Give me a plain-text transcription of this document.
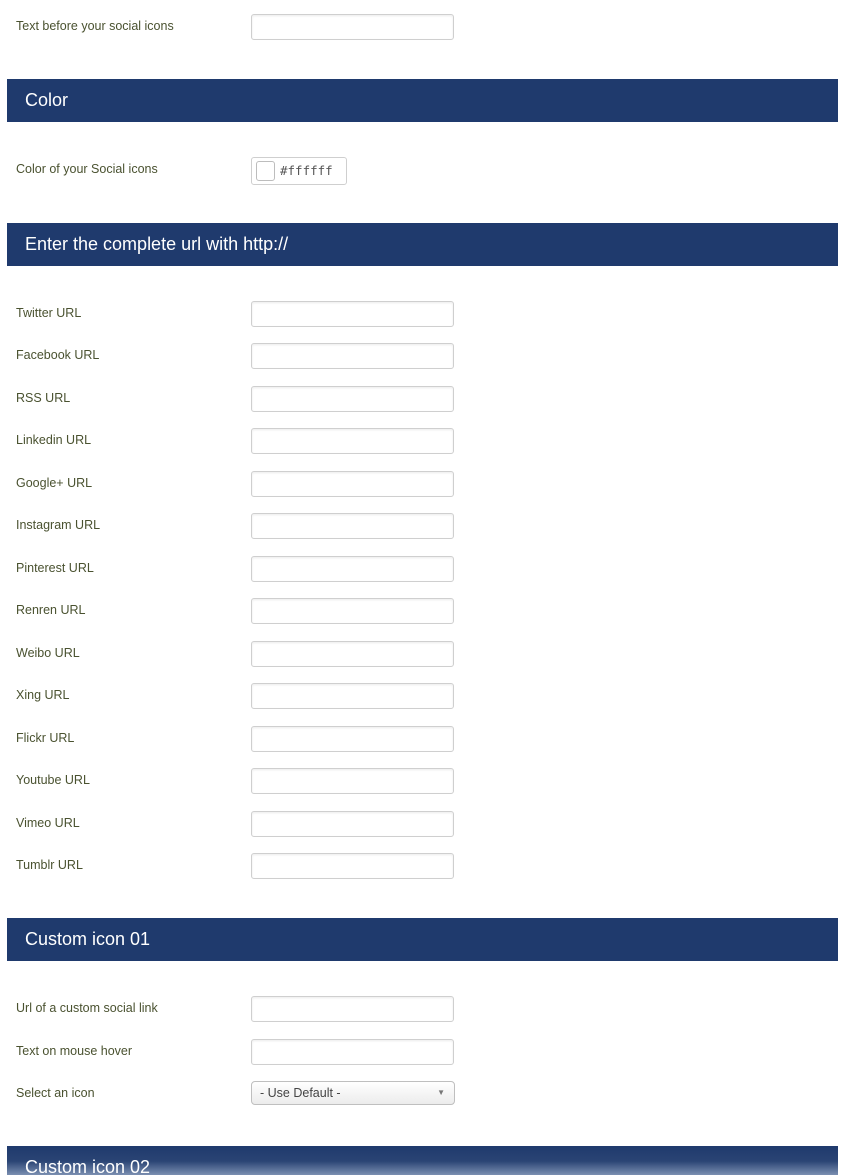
Text before your social icons
Color
Color of your Social icons	#ffffff
Enter the complete url with http://
Twitter URL
Facebook URL
RSS URL
Linkedin URL
Google+ URL
Instagram URL
Pinterest URL
Renren URL
Weibo URL
Xing URL
Flickr URL
Youtube URL
Vimeo URL
Tumblr URL
Custom icon 01
Url of a custom social link
Text on mouse hover
Select an icon	- Use Default -	▼
Custom icon 02
